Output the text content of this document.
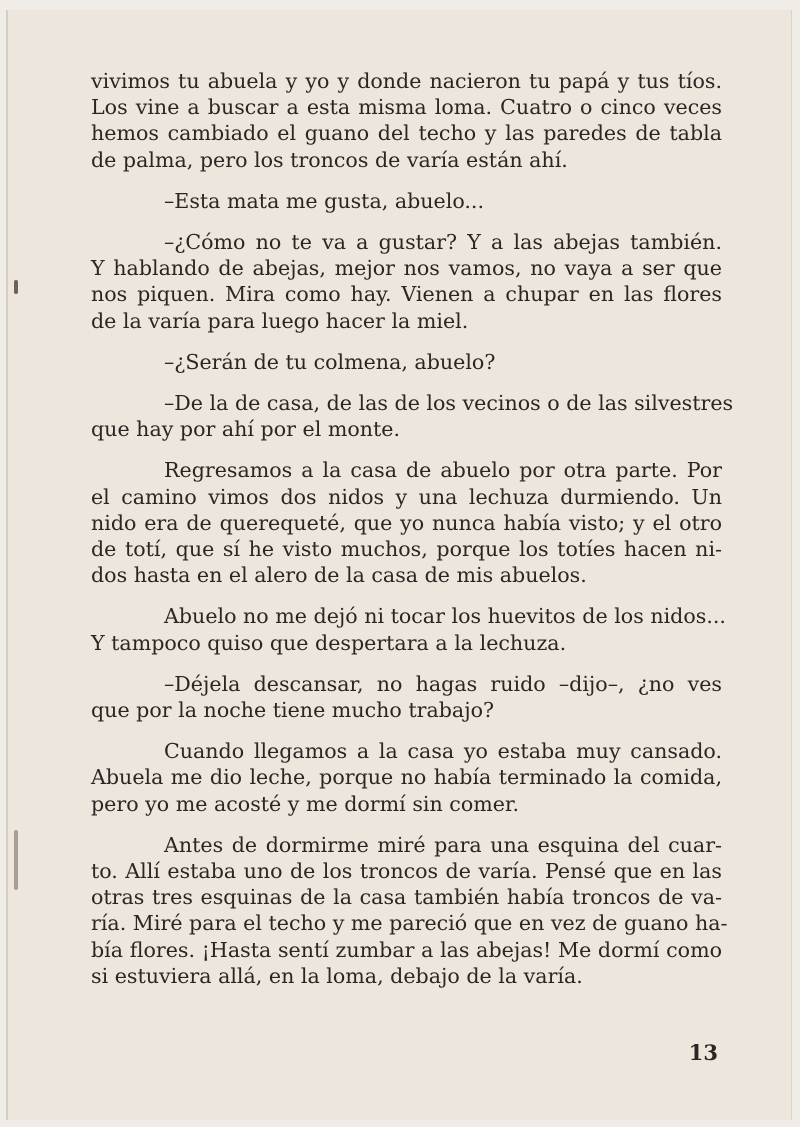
vivimos tu abuela y yo y donde nacieron tu papá y tus tíos.
Los vine a buscar a esta misma loma. Cuatro o cinco veces
hemos cambiado el guano del techo y las paredes de tabla
de palma, pero los troncos de varía están ahí.
–Esta mata me gusta, abuelo...
–¿Cómo no te va a gustar? Y a las abejas también.
Y hablando de abejas, mejor nos vamos, no vaya a ser que
nos piquen. Mira como hay. Vienen a chupar en las flores
de la varía para luego hacer la miel.
–¿Serán de tu colmena, abuelo?
–De la de casa, de las de los vecinos o de las silvestres
que hay por ahí por el monte.
Regresamos a la casa de abuelo por otra parte. Por
el camino vimos dos nidos y una lechuza durmiendo. Un
nido era de querequeté, que yo nunca había visto; y el otro
de totí, que sí he visto muchos, porque los totíes hacen ni-
dos hasta en el alero de la casa de mis abuelos.
Abuelo no me dejó ni tocar los huevitos de los nidos...
Y tampoco quiso que despertara a la lechuza.
–Déjela descansar, no hagas ruido –dijo–, ¿no ves
que por la noche tiene mucho trabajo?
Cuando llegamos a la casa yo estaba muy cansado.
Abuela me dio leche, porque no había terminado la comida,
pero yo me acosté y me dormí sin comer.
Antes de dormirme miré para una esquina del cuar-
to. Allí estaba uno de los troncos de varía. Pensé que en las
otras tres esquinas de la casa también había troncos de va-
ría. Miré para el techo y me pareció que en vez de guano ha-
bía flores. ¡Hasta sentí zumbar a las abejas! Me dormí como
si estuviera allá, en la loma, debajo de la varía.
13
